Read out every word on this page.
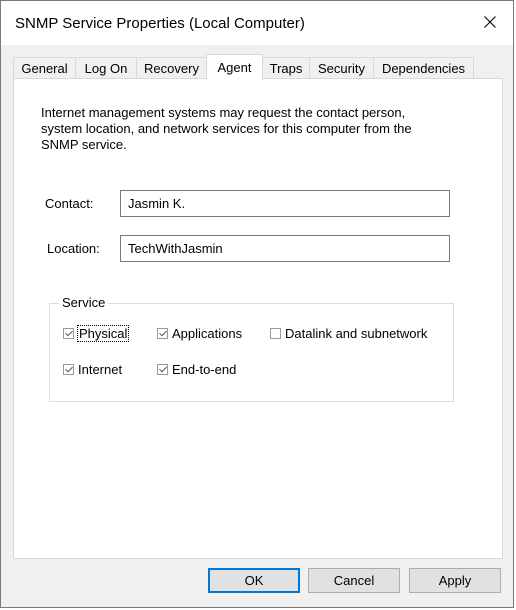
SNMP Service Properties (Local Computer)
General	Log On	Recovery	Agent	Traps	Security	Dependencies
Internet management systems may request the contact person, system location, and network services for this computer from the SNMP service.
Contact:
Jasmin K.
Location:
TechWithJasmin
Service
Physical	Applications	Datalink and subnetwork
Internet	End-to-end
OK	Cancel	Apply
